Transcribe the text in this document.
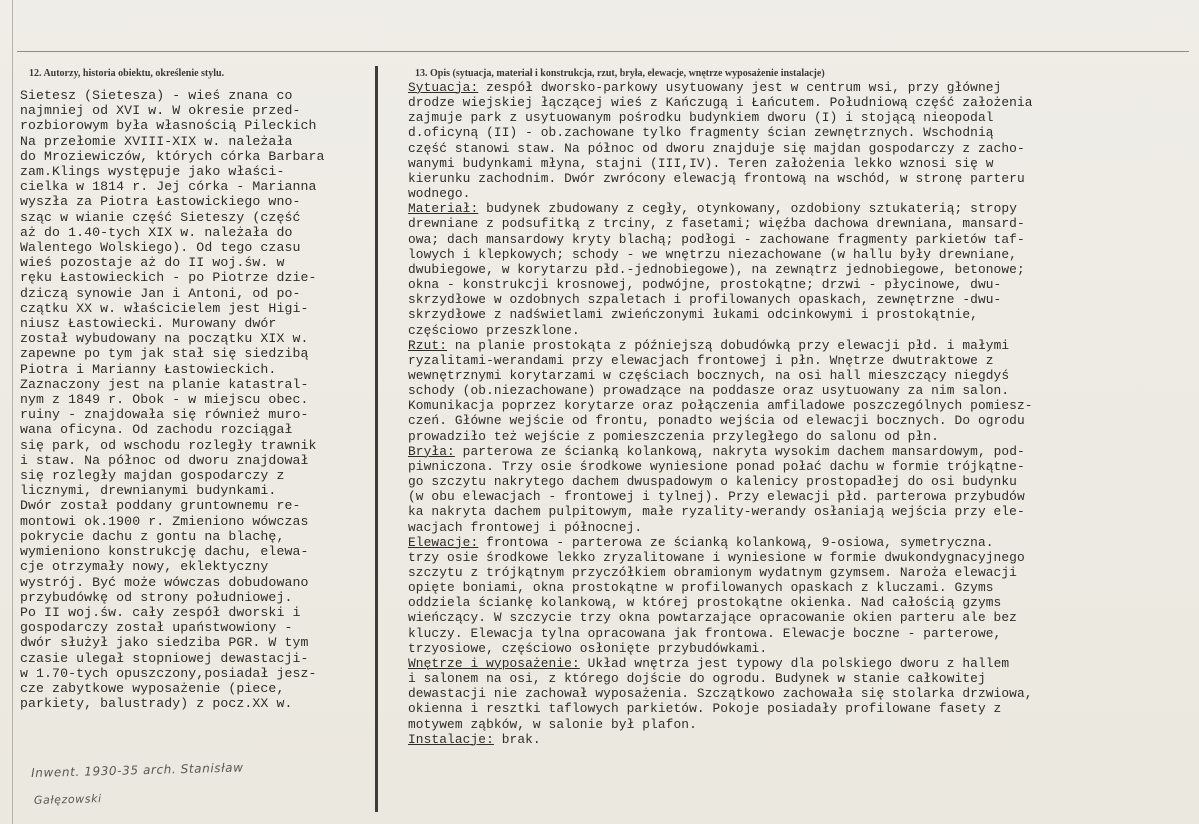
12. Autorzy, historia obiektu, określenie stylu.	13. Opis (sytuacja, materiał i konstrukcja, rzut, bryła, elewacje, wnętrze wyposażenie instalacje)
Sietesz (Sietesza) - wieś znana co
najmniej od XVI w. W okresie przed-
rozbiorowym była własnością Pileckich
Na przełomie XVIII-XIX w. należała
do Mroziewiczów, których córka Barbara
zam.Klings występuje jako właści-
cielka w 1814 r. Jej córka - Marianna
wyszła za Piotra Łastowickiego wno-
sząc w wianie część Sieteszy (część
aż do 1.40-tych XIX w. należała do
Walentego Wolskiego). Od tego czasu
wieś pozostaje aż do II woj.św. w
ręku Łastowieckich - po Piotrze dzie-
dziczą synowie Jan i Antoni, od po-
czątku XX w. właścicielem jest Higi-
niusz Łastowiecki. Murowany dwór
został wybudowany na początku XIX w.
zapewne po tym jak stał się siedzibą
Piotra i Marianny Łastowieckich.
Zaznaczony jest na planie katastral-
nym z 1849 r. Obok - w miejscu obec.
ruiny - znajdowała się również muro-
wana oficyna. Od zachodu rozciągał
się park, od wschodu rozległy trawnik
i staw. Na północ od dworu znajdował
się rozległy majdan gospodarczy z
licznymi, drewnianymi budynkami.
Dwór został poddany gruntownemu re-
montowi ok.1900 r. Zmieniono wówczas
pokrycie dachu z gontu na blachę,
wymieniono konstrukcję dachu, elewa-
cje otrzymały nowy, eklektyczny
wystrój. Być może wówczas dobudowano
przybudówkę od strony południowej.
Po II woj.św. cały zespół dworski i
gospodarczy został upaństwowiony -
dwór służył jako siedziba PGR. W tym
czasie ulegał stopniowej dewastacji-
w 1.70-tych opuszczony,posiadał jesz-
cze zabytkowe wyposażenie (piece,
parkiety, balustrady) z pocz.XX w.
Sytuacja: zespół dworsko-parkowy usytuowany jest w centrum wsi, przy głównej
drodze wiejskiej łączącej wieś z Kańczugą i Łańcutem. Południową część założenia
zajmuje park z usytuowanym pośrodku budynkiem dworu (I) i stojącą nieopodal
d.oficyną (II) - ob.zachowane tylko fragmenty ścian zewnętrznych. Wschodnią
część stanowi staw. Na północ od dworu znajduje się majdan gospodarczy z zacho-
wanymi budynkami młyna, stajni (III,IV). Teren założenia lekko wznosi się w
kierunku zachodnim. Dwór zwrócony elewacją frontową na wschód, w stronę parteru
wodnego.
Materiał: budynek zbudowany z cegły, otynkowany, ozdobiony sztukaterią; stropy
drewniane z podsufitką z trciny, z fasetami; więźba dachowa drewniana, mansard-
owa; dach mansardowy kryty blachą; podłogi - zachowane fragmenty parkietów taf-
lowych i klepkowych; schody - we wnętrzu niezachowane (w hallu były drewniane,
dwubiegowe, w korytarzu płd.-jednobiegowe), na zewnątrz jednobiegowe, betonowe;
okna - konstrukcji krosnowej, podwójne, prostokątne; drzwi - płycinowe, dwu-
skrzydłowe w ozdobnych szpaletach i profilowanych opaskach, zewnętrzne -dwu-
skrzydłowe z nadświetlami zwieńczonymi łukami odcinkowymi i prostokątnie,
częściowo przeszklone.
Rzut: na planie prostokąta z późniejszą dobudówką przy elewacji płd. i małymi
ryzalitami-werandami przy elewacjach frontowej i płn. Wnętrze dwutraktowe z
wewnętrznymi korytarzami w częściach bocznych, na osi hall mieszczący niegdyś
schody (ob.niezachowane) prowadzące na poddasze oraz usytuowany za nim salon.
Komunikacja poprzez korytarze oraz połączenia amfiladowe poszczególnych pomiesz-
czeń. Główne wejście od frontu, ponadto wejścia od elewacji bocznych. Do ogrodu
prowadziło też wejście z pomieszczenia przyległego do salonu od płn.
Bryła: parterowa ze ścianką kolankową, nakryta wysokim dachem mansardowym, pod-
piwniczona. Trzy osie środkowe wyniesione ponad połać dachu w formie trójkątne-
go szczytu nakrytego dachem dwuspadowym o kalenicy prostopadłej do osi budynku
(w obu elewacjach - frontowej i tylnej). Przy elewacji płd. parterowa przybudów
ka nakryta dachem pulpitowym, małe ryzality-werandy osłaniają wejścia przy ele-
wacjach frontowej i północnej.
Elewacje: frontowa - parterowa ze ścianką kolankową, 9-osiowa, symetryczna.
trzy osie środkowe lekko zryzalitowane i wyniesione w formie dwukondygnacyjnego
szczytu z trójkątnym przyczółkiem obramionym wydatnym gzymsem. Naroża elewacji
opięte boniami, okna prostokątne w profilowanych opaskach z kluczami. Gzyms
oddziela ściankę kolankową, w której prostokątne okienka. Nad całością gzyms
wieńczący. W szczycie trzy okna powtarzające opracowanie okien parteru ale bez
kluczy. Elewacja tylna opracowana jak frontowa. Elewacje boczne - parterowe,
trzyosiowe, częściowo osłonięte przybudówkami.
Wnętrze i wyposażenie: Układ wnętrza jest typowy dla polskiego dworu z hallem
i salonem na osi, z którego dojście do ogrodu. Budynek w stanie całkowitej
dewastacji nie zachował wyposażenia. Szczątkowo zachowała się stolarka drzwiowa,
okienna i resztki taflowych parkietów. Pokoje posiadały profilowane fasety z
motywem ząbków, w salonie był plafon.
Instalacje: brak.
Inwent. 1930-35 arch. Stanisław
Gałęzowski
